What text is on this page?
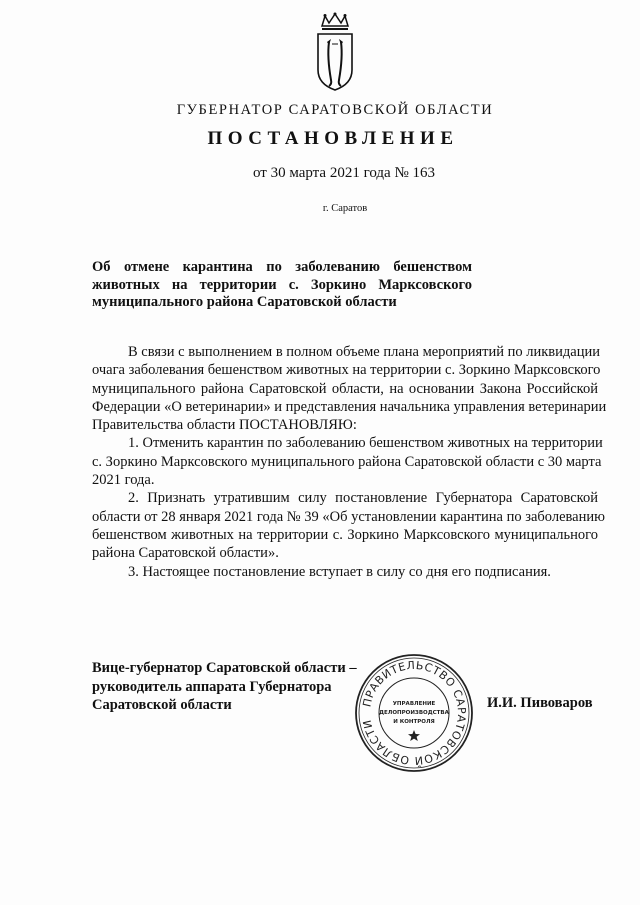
ГУБЕРНАТОР САРАТОВСКОЙ ОБЛАСТИ
ПОСТАНОВЛЕНИЕ
от 30 марта 2021 года № 163
г. Саратов
Об отмене карантина по заболеванию бешенством
животных на территории с. Зоркино Марксовского
муниципального района Саратовской области
В связи с выполнением в полном объеме плана мероприятий по ликвидации
очага заболевания бешенством животных на территории с. Зоркино Марксовского
муниципального района Саратовской области, на основании Закона Российской
Федерации «О ветеринарии» и представления начальника управления ветеринарии
Правительства области ПОСТАНОВЛЯЮ:
1. Отменить карантин по заболеванию бешенством животных на территории
с. Зоркино Марксовского муниципального района Саратовской области с 30 марта
2021 года.
2. Признать утратившим силу постановление Губернатора Саратовской
области от 28 января 2021 года № 39 «Об установлении карантина по заболеванию
бешенством животных на территории с. Зоркино Марксовского муниципального
района Саратовской области».
3. Настоящее постановление вступает в силу со дня его подписания.
Вице-губернатор Саратовской области –
руководитель аппарата Губернатора
Саратовской области	ПРАВИТЕЛЬСТВО САРАТОВСКОЙ ОБЛАСТИ
УПРАВЛЕНИЕ
ДЕЛОПРОИЗВОДСТВА
И КОНТРОЛЯ
И.И. Пивоваров
